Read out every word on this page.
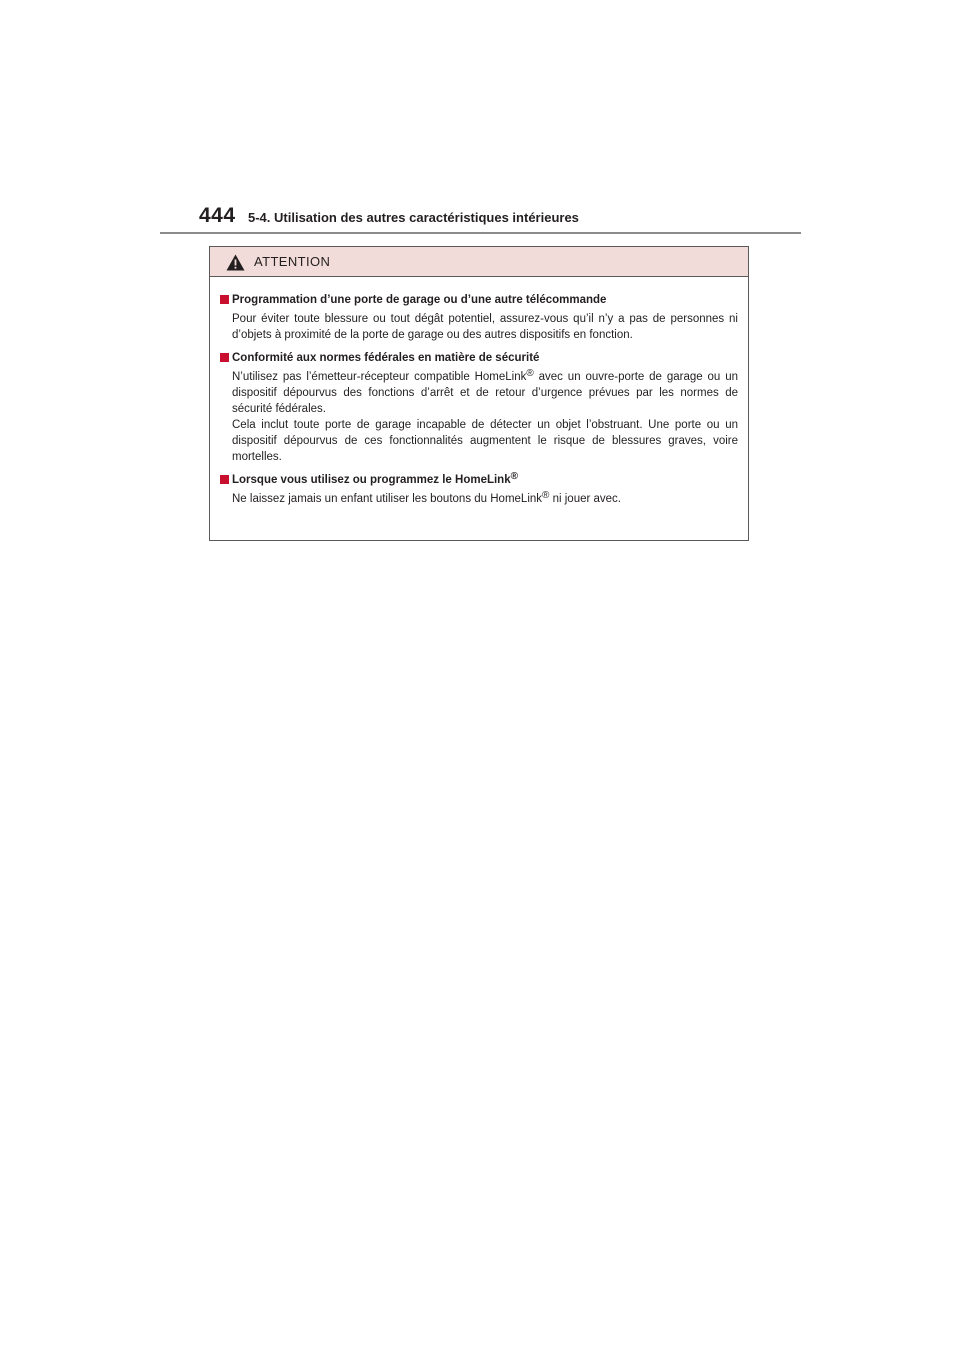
444 5-4. Utilisation des autres caractéristiques intérieures
ATTENTION
Programmation d’une porte de garage ou d’une autre télécommande

Pour éviter toute blessure ou tout dégât potentiel, assurez-vous qu’il n’y a pas de personnes ni d’objets à proximité de la porte de garage ou des autres dispositifs en fonction.

Conformité aux normes fédérales en matière de sécurité

N’utilisez pas l’émetteur-récepteur compatible HomeLink® avec un ouvre-porte de garage ou un dispositif dépourvus des fonctions d’arrêt et de retour d’urgence prévues par les normes de sécurité fédérales.

Cela inclut toute porte de garage incapable de détecter un objet l’obstruant. Une porte ou un dispositif dépourvus de ces fonctionnalités augmentent le risque de blessures graves, voire mortelles.

Lorsque vous utilisez ou programmez le HomeLink®

Ne laissez jamais un enfant utiliser les boutons du HomeLink® ni jouer avec.
